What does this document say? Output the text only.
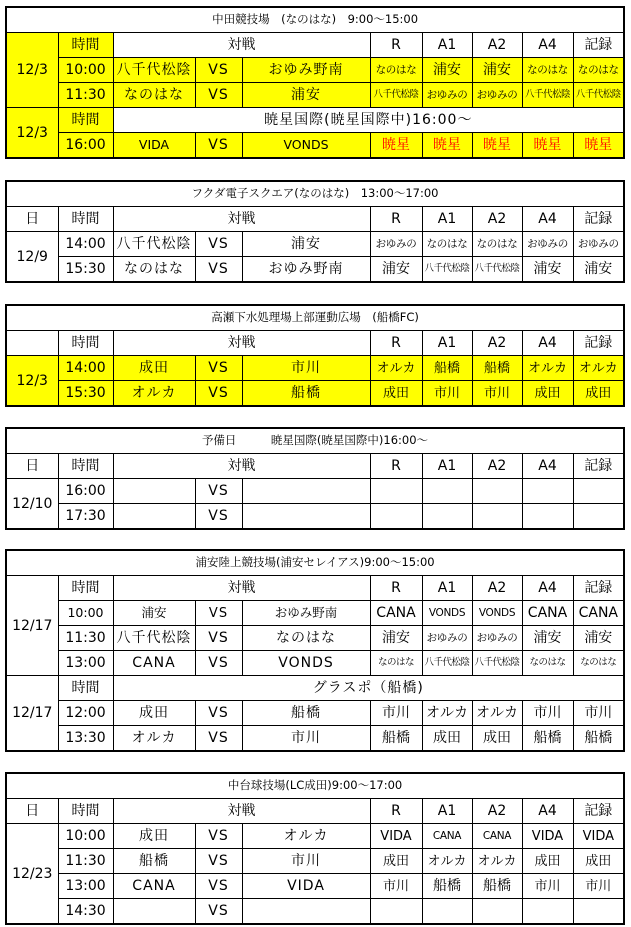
中田競技場　(なのはな)　9:00～15:00									
12/3	時間	対戦			R	A1	A2	A4	記録
	10:00	八千代松陰	VS	おゆみ野南	なのはな	浦安	浦安	なのはな	なのはな
	11:30	なのはな	VS	浦安	八千代松陰	おゆみの	おゆみの	八千代松陰	八千代松陰
12/3	時間	暁星国際(暁星国際中)16:00～							
	16:00	VIDA	VS	VONDS	暁星	暁星	暁星	暁星	暁星
フクダ電子スクエア(なのはな)　13:00～17:00									
日	時間	対戦			R	A1	A2	A4	記録
12/9	14:00	八千代松陰	VS	浦安	おゆみの	なのはな	なのはな	おゆみの	おゆみの
	15:30	なのはな	VS	おゆみ野南	浦安	八千代松陰	八千代松陰	浦安	浦安
高瀬下水処理場上部運動広場　(船橋FC)									
	時間	対戦			R	A1	A2	A4	記録
12/3	14:00	成田	VS	市川	オルカ	船橋	船橋	オルカ	オルカ
	15:30	オルカ	VS	船橋	成田	市川	市川	成田	成田
予備日　　　暁星国際(暁星国際中)16:00～									
日	時間	対戦			R	A1	A2	A4	記録
12/10	16:00		VS						
	17:30		VS						
浦安陸上競技場(浦安セレイアス)9:00～15:00									
12/17	時間	対戦			R	A1	A2	A4	記録
	10:00	浦安	VS	おゆみ野南	CANA	VONDS	VONDS	CANA	CANA
	11:30	八千代松陰	VS	なのはな	浦安	おゆみの	おゆみの	浦安	浦安
	13:00	CANA	VS	VONDS	なのはな	八千代松陰	八千代松陰	なのはな	なのはな
12/17	時間	グラスポ（船橋)							
	12:00	成田	VS	船橋	市川	オルカ	オルカ	市川	市川
	13:30	オルカ	VS	市川	船橋	成田	成田	船橋	船橋
中台球技場(LC成田)9:00～17:00									
日	時間	対戦			R	A1	A2	A4	記録
12/23	10:00	成田	VS	オルカ	VIDA	CANA	CANA	VIDA	VIDA
	11:30	船橋	VS	市川	成田	オルカ	オルカ	成田	成田
	13:00	CANA	VS	VIDA	市川	船橋	船橋	市川	市川
	14:30		VS						
